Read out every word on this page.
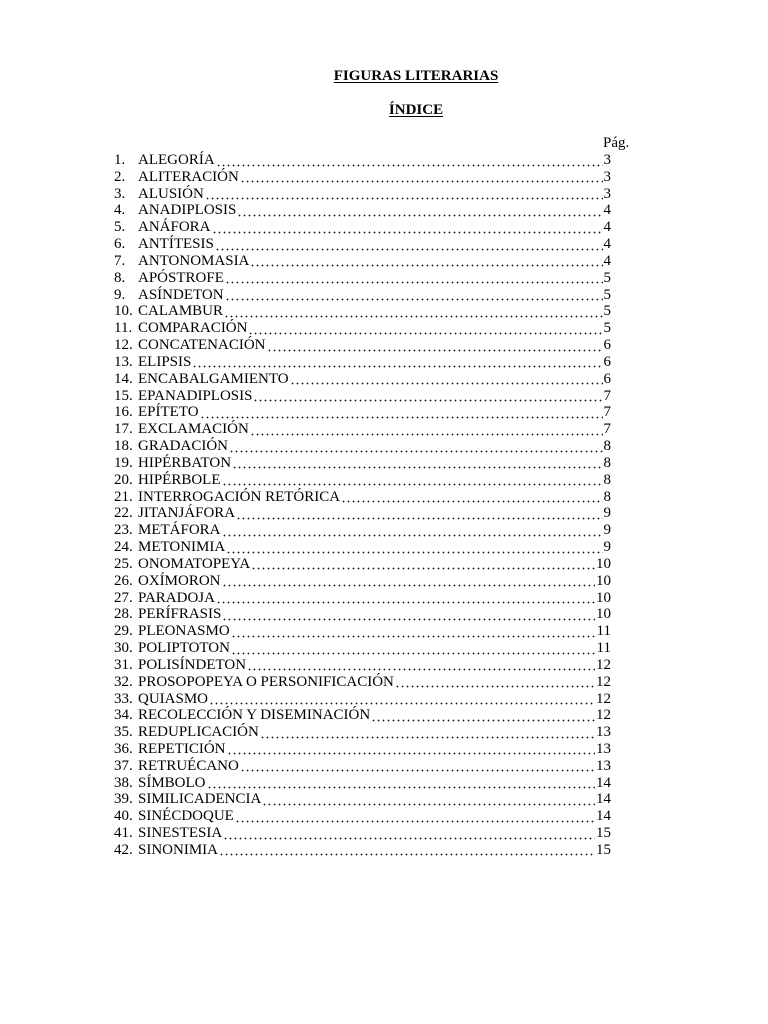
FIGURAS LITERARIAS
ÍNDICE
Pág.
1. ALEGORÍA	3
2. ALITERACIÓN	3
3. ALUSIÓN	3
4. ANADIPLOSIS	4
5. ANÁFORA	4
6. ANTÍTESIS	4
7. ANTONOMASIA	4
8. APÓSTROFE	5
9. ASÍNDETON	5
10. CALAMBUR	5
11. COMPARACIÓN	5
12. CONCATENACIÓN	6
13. ELIPSIS	6
14. ENCABALGAMIENTO	6
15. EPANADIPLOSIS	7
16. EPÍTETO	7
17. EXCLAMACIÓN	7
18. GRADACIÓN	8
19. HIPÉRBATON	8
20. HIPÉRBOLE	8
21. INTERROGACIÓN RETÓRICA	8
22. JITANJÁFORA	9
23. METÁFORA	9
24. METONIMIA	9
25. ONOMATOPEYA	10
26. OXÍMORON	10
27. PARADOJA	10
28. PERÍFRASIS	10
29. PLEONASMO	11
30. POLIPTOTON	11
31. POLISÍNDETON	12
32. PROSOPOPEYA O PERSONIFICACIÓN	12
33. QUIASMO	12
34. RECOLECCIÓN Y DISEMINACIÓN	12
35. REDUPLICACIÓN	13
36. REPETICIÓN	13
37. RETRUÉCANO	13
38. SÍMBOLO	14
39. SIMILICADENCIA	14
40. SINÉCDOQUE	14
41. SINESTESIA	15
42. SINONIMIA	15
